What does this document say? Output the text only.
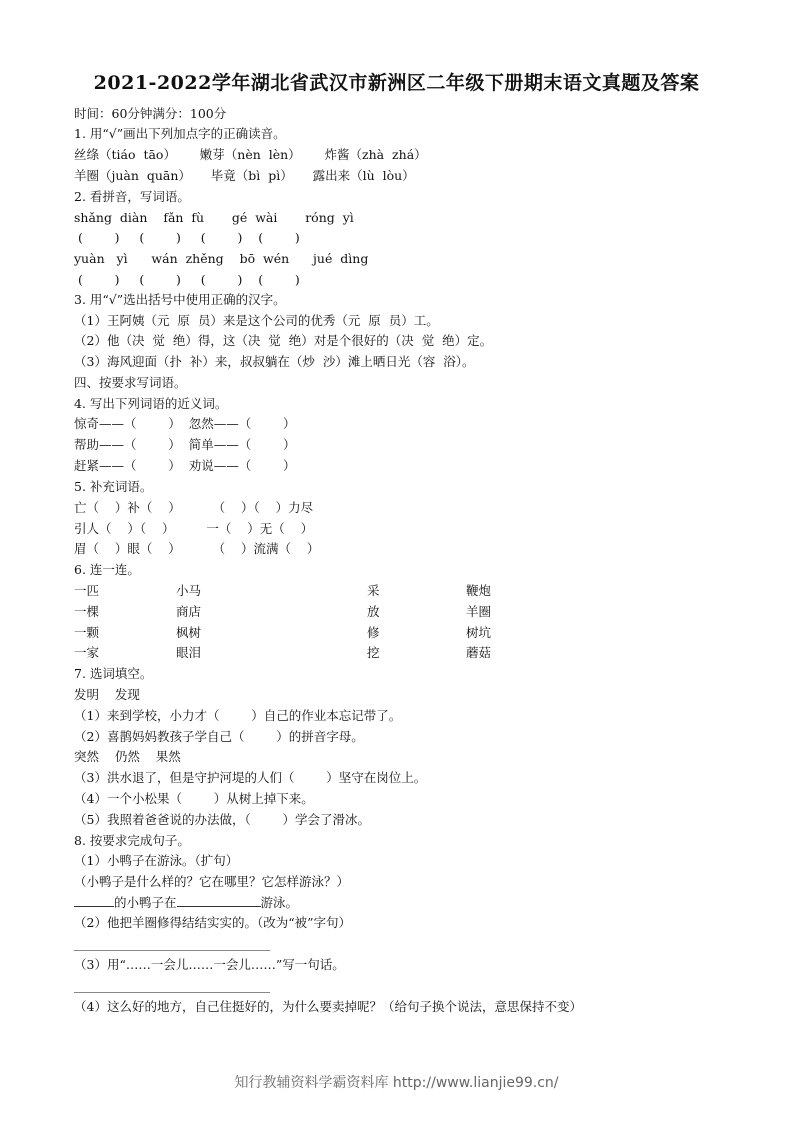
2021-2022学年湖北省武汉市新洲区二年级下册期末语文真题及答案
时间：60分钟满分：100分
1. 用“√”画出下列加点字的正确读音。
丝绦（tiáo  tāo）      嫩芽（nèn  lèn）      炸酱（zhà  zhá）
羊圈（juàn  quān）     毕竟（bì  pì）     露出来（lù  lòu）
2. 看拼音，写词语。
shǎng  diàn    fǎn  fù       gé  wài       róng  yì
(        )     (        )     (        )    (        )
yuàn   yì      wán  zhěng    bō  wén      jué  dìng
(        )     (        )     (        )    (        )
3. 用“√”选出括号中使用正确的汉字。
（1）王阿姨（元  原  员）来是这个公司的优秀（元  原  员）工。
（2）他（决  觉  绝）得，这（决  觉  绝）对是个很好的（决  觉  绝）定。
（3）海风迎面（扑  补）来，叔叔躺在（炒  沙）滩上晒日光（容  浴）。
四、按要求写词语。
4. 写出下列词语的近义词。
惊奇——（        ）  忽然——（        ）
帮助——（        ）  简单——（        ）
赶紧——（        ）  劝说——（        ）
5. 补充词语。
亡（    ）补（    ）        （    ）（    ）力尽
引人（    ）（    ）        一（    ）无（    ）
眉（    ）眼（    ）        （    ）流满（    ）
6. 连一连。
一匹	小马	采	鞭炮
一棵	商店	放	羊圈
一颗	枫树	修	树坑
一家	眼泪	挖	蘑菇
7. 选词填空。
发明    发现
（1）来到学校，小力才（        ）自己的作业本忘记带了。
（2）喜鹊妈妈教孩子学自己（        ）的拼音字母。
突然    仍然    果然
（3）洪水退了，但是守护河堤的人们（        ）坚守在岗位上。
（4）一个小松果（        ）从树上掉下来。
（5）我照着爸爸说的办法做，（        ）学会了滑冰。
8. 按要求完成句子。
（1）小鸭子在游泳。（扩句）
（小鸭子是什么样的？它在哪里？它怎样游泳？）
的小鸭子在	游泳。
（2）他把羊圈修得结结实实的。（改为“被”字句）
（3）用“……一会儿……一会儿……”写一句话。
（4）这么好的地方，自己住挺好的，为什么要卖掉呢？（给句子换个说法，意思保持不变）
知行教辅资料学霸资料库 http://www.lianjie99.cn/
